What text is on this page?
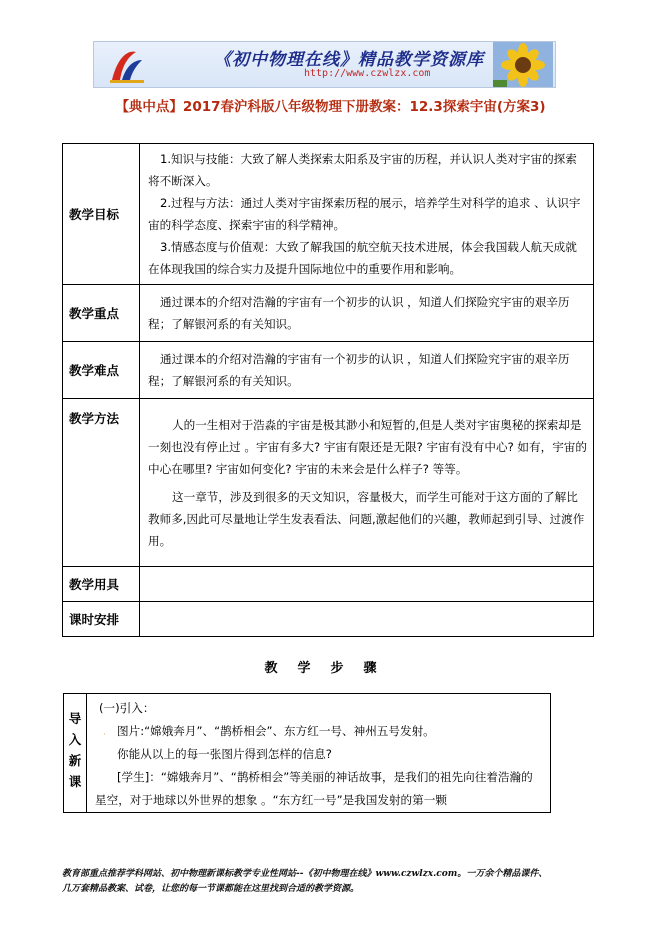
《初中物理在线》精品教学资源库
http://www.czwlzx.com
【典中点】2017春沪科版八年级物理下册教案：12.3探索宇宙(方案3)
教学目标	1.知识与技能：大致了解人类探索太阳系及宇宙的历程，并认识人类对宇宙的探索将不断深入。

2.过程与方法：通过人类对宇宙探索历程的展示，培养学生对科学的追求 、认识宇宙的科学态度、探索宇宙的科学精神。

3.情感态度与价值观：大致了解我国的航空航天技术进展，体会我国载人航天成就在体现我国的综合实力及提升国际地位中的重要作用和影响。

教学重点	通过课本的介绍对浩瀚的宇宙有一个初步的认识 ，知道人们探险究宇宙的艰辛历程；了解银河系的有关知识。

教学难点	通过课本的介绍对浩瀚的宇宙有一个初步的认识 ，知道人们探险究宇宙的艰辛历程；了解银河系的有关知识。

教学方法	人的一生相对于浩淼的宇宙是极其渺小和短暂的,但是人类对宇宙奥秘的探索却是一刻也没有停止过 。宇宙有多大? 宇宙有限还是无限? 宇宙有没有中心? 如有，宇宙的中心在哪里? 宇宙如何变化? 宇宙的未来会是什么样子? 等等。

这一章节，涉及到很多的天文知识，容量极大，而学生可能对于这方面的了解比教师多,因此可尽量地让学生发表看法、问题,激起他们的兴趣，教师起到引导、过渡作用。

教学用具	
课时安排	
教学步骤
导
入
新
课

(一)引入：

· 图片:“嫦娥奔月”、“鹊桥相会”、东方红一号、神州五号发射。

你能从以上的每一张图片得到怎样的信息?

[学生]：“嫦娥奔月”、“鹊桥相会”等美丽的神话故事，是我们的祖先向往着浩瀚的星空，对于地球以外世界的想象 。“东方红一号”是我国发射的第一颗

教育部重点推荐学科网站、初中物理新课标教学专业性网站--《初中物理在线》www.czwlzx.com。一万余个精品课件、
几万套精品教案、试卷，让您的每一节课都能在这里找到合适的教学资源。
